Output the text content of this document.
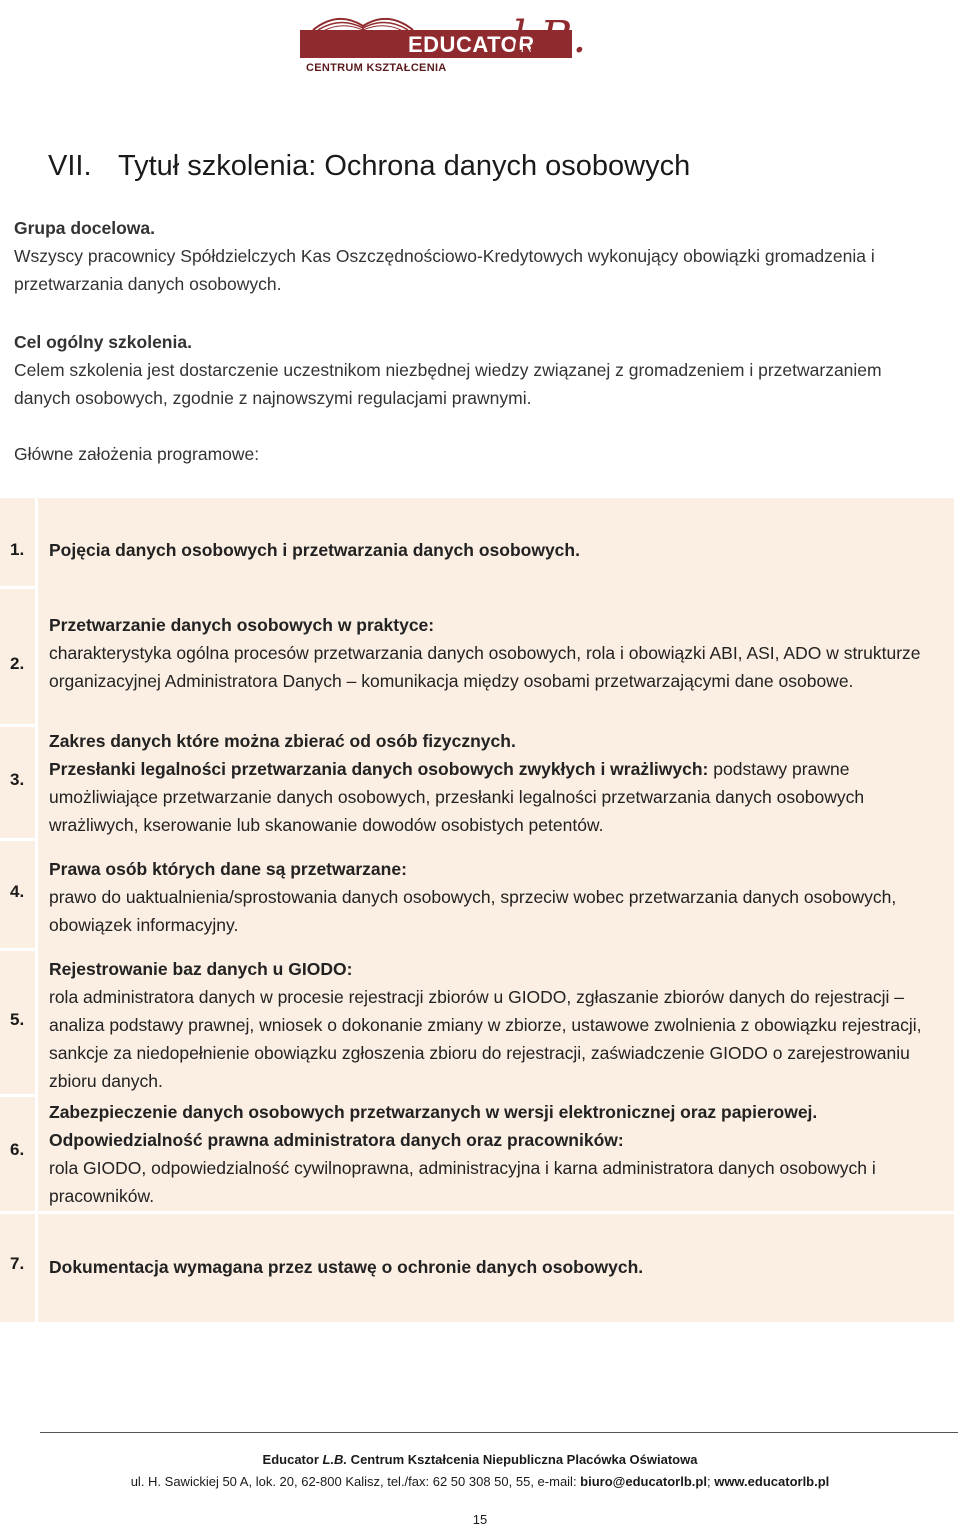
EDUCATOR
CENTRUM KSZTAŁCENIA
l.B.
VII. Tytuł szkolenia: Ochrona danych osobowych
Grupa docelowa.
Wszyscy pracownicy Spółdzielczych Kas Oszczędnościowo-Kredytowych wykonujący obowiązki gromadzenia i przetwarzania danych osobowych.
Cel ogólny szkolenia.
Celem szkolenia jest dostarczenie uczestnikom niezbędnej wiedzy związanej z gromadzeniem i przetwarzaniem danych osobowych, zgodnie z najnowszymi regulacjami prawnymi.
Główne założenia programowe:
1. Pojęcia danych osobowych i przetwarzania danych osobowych.
2.
Przetwarzanie danych osobowych w praktyce:
charakterystyka ogólna procesów przetwarzania danych osobowych, rola i obowiązki ABI, ASI, ADO w strukturze organizacyjnej Administratora Danych – komunikacja między osobami przetwarzającymi dane osobowe.
3.
Zakres danych które można zbierać od osób fizycznych.
Przesłanki legalności przetwarzania danych osobowych zwykłych i wrażliwych: podstawy prawne umożliwiające przetwarzanie danych osobowych, przesłanki legalności przetwarzania danych osobowych wrażliwych, kserowanie lub skanowanie dowodów osobistych petentów.
4.
Prawa osób których dane są przetwarzane:
prawo do uaktualnienia/sprostowania danych osobowych, sprzeciw wobec przetwarzania danych osobowych, obowiązek informacyjny.
5.
Rejestrowanie baz danych u GIODO:
rola administratora danych w procesie rejestracji zbiorów u GIODO, zgłaszanie zbiorów danych do rejestracji – analiza podstawy prawnej, wniosek o dokonanie zmiany w zbiorze, ustawowe zwolnienia z obowiązku rejestracji, sankcje za niedopełnienie obowiązku zgłoszenia zbioru do rejestracji, zaświadczenie GIODO o zarejestrowaniu zbioru danych.
6.
Zabezpieczenie danych osobowych przetwarzanych w wersji elektronicznej oraz papierowej.
Odpowiedzialność prawna administratora danych oraz pracowników:
rola GIODO, odpowiedzialność cywilnoprawna, administracyjna i karna administratora danych osobowych i pracowników.
7. Dokumentacja wymagana przez ustawę o ochronie danych osobowych.
Educator L.B. Centrum Kształcenia Niepubliczna Placówka Oświatowa
ul. H. Sawickiej 50 A, lok. 20, 62-800 Kalisz, tel./fax: 62 50 308 50, 55, e-mail: biuro@educatorlb.pl; www.educatorlb.pl
15
